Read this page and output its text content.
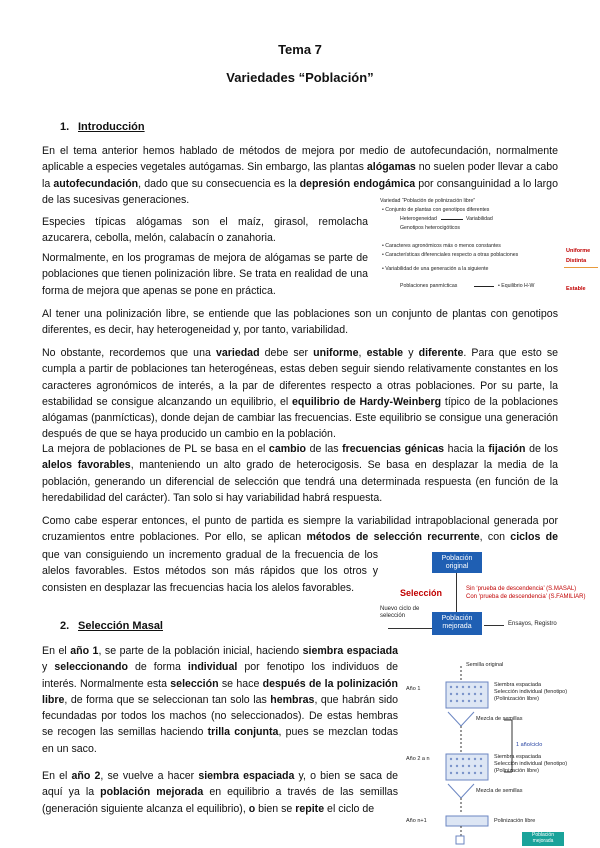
Tema 7
Variedades “Población”
1. Introducción
En el tema anterior hemos hablado de métodos de mejora por medio de autofecundación, normalmente aplicable a especies vegetales autógamas. Sin embargo, las plantas alógamas no suelen poder llevar a cabo la autofecundación, dado que su consecuencia es la depresión endogámica por consanguinidad a lo largo de las sucesivas generaciones.
Especies típicas alógamas son el maíz, girasol, remolacha azucarera, cebolla, melón, calabacín o zanahoria.
Normalmente, en los programas de mejora de alógamas se parte de poblaciones que tienen polinización libre. Se trata en realidad de una forma de mejora que apenas se pone en práctica.
Variedad “Población de polinización libre”
• Conjunto de plantas con genotipos diferentes
Heterogeneidad	Variabilidad
Genotipos heterocigóticos
• Caracteres agronómicos más o menos constantes
• Características diferenciales respecto a otras poblaciones
• Variabilidad de una generación a la siguiente
Poblaciones panmícticas	• Equilibrio H-W
Uniforme
Distinta
Estable
Al tener una polinización libre, se entiende que las poblaciones son un conjunto de plantas con genotipos diferentes, es decir, hay heterogeneidad y, por tanto, variabilidad.
No obstante, recordemos que una variedad debe ser uniforme, estable y diferente. Para que esto se cumpla a partir de poblaciones tan heterogéneas, estas deben seguir siendo relativamente constantes en los caracteres agronómicos de interés, a la par de diferentes respecto a otras poblaciones. Por su parte, la estabilidad se consigue alcanzando un equilibrio, el equilibrio de Hardy-Weinberg típico de la poblaciones alógamas (panmícticas), donde dejan de cambiar las frecuencias. Este equilibrio se consigue una generación después de que se haya producido un cambio en la población.
La mejora de poblaciones de PL se basa en el cambio de las frecuencias génicas hacia la fijación de los alelos favorables, manteniendo un alto grado de heterocigosis. Se basa en desplazar la media de la población, generando un diferencial de selección que tendrá una determinada respuesta (en función de la heredabilidad del carácter). Tan solo si hay variabilidad habrá respuesta.
Como cabe esperar entonces, el punto de partida es siempre la variabilidad intrapoblacional generada por cruzamientos entre poblaciones. Por ello, se aplican métodos de selección recurrente, con ciclos de
que van consiguiendo un incremento gradual de la frecuencia de los alelos favorables. Estos métodos son más rápidos que los otros y consisten en desplazar las frecuencias hacia los alelos favorables.
Población original
Selección	Sin ‘prueba de descendencia’ (S.MASAL)
Con ‘prueba de descendencia’ (S.FAMILIAR)
Nuevo ciclo de selección	Población mejorada	Ensayos, Registro
2. Selección Masal
En el año 1, se parte de la población inicial, haciendo siembra espaciada y seleccionando de forma individual por fenotipo los individuos de interés. Normalmente esta selección se hace después de la polinización libre, de forma que se seleccionan tan solo las hembras, que habrán sido fecundadas por todos los machos (no seleccionados). De estas hembras se recogen las semillas haciendo trilla conjunta, pues se mezclan todas en un saco.
En el año 2, se vuelve a hacer siembra espaciada y, o bien se saca de aquí ya la población mejorada en equilibrio a través de las semillas (generación siguiente alcanza el equilibrio), o bien se repite el ciclo de
Semilla original
Año 1
Siembra espaciada
Selección individual (fenotipo)
(Polinización libre)
Mezcla de semillas
1 año/ciclo
Año 2 a n	Siembra espaciada
Selección individual (fenotipo)
(Polinización libre)
Mezcla de semillas
Año n+1	Polinización libre
Población mejorada
